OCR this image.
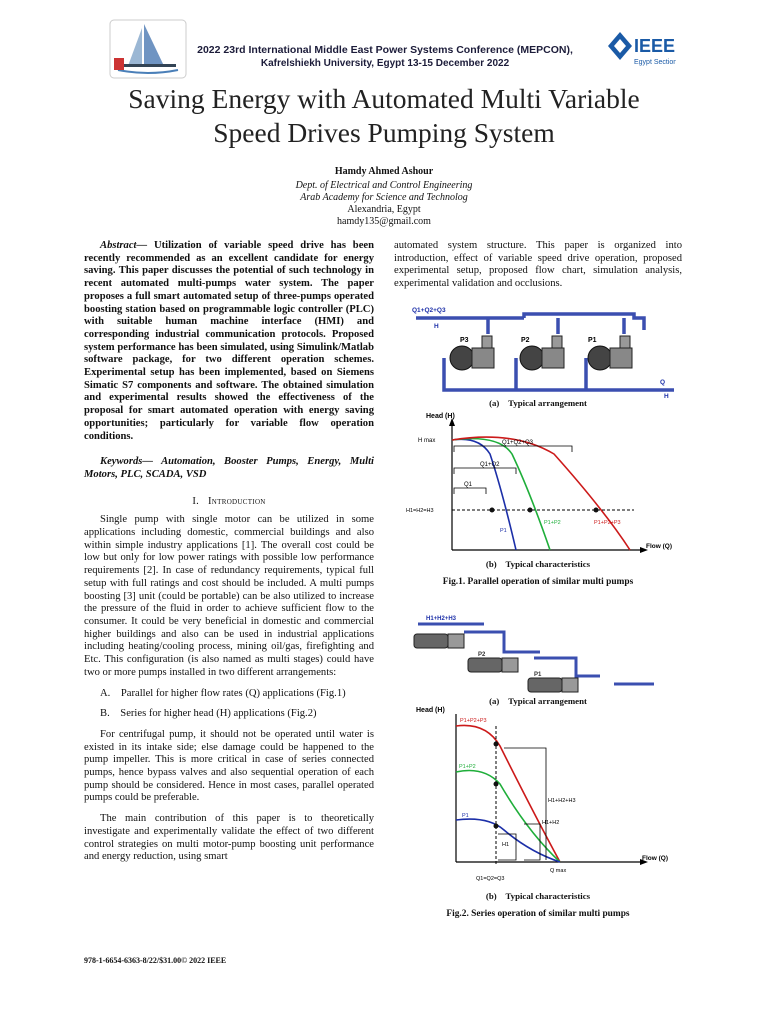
2022 23rd International Middle East Power Systems Conference (MEPCON),
Kafrelshiekh University, Egypt 13-15 December 2022
IEEE
Egypt Section
Saving Energy with Automated Multi Variable
Speed Drives Pumping System
Hamdy Ahmed Ashour
Dept. of Electrical and Control Engineering
Arab Academy for Science and Technolog
Alexandria, Egypt
hamdy135@gmail.com

Abstract— Utilization of variable speed drive has been recently recommended as an excellent candidate for energy saving. This paper discusses the potential of such technology in recent automated multi-pumps water system. The paper proposes a full smart automated setup of three-pumps operated boosting station based on programmable logic controller (PLC) with suitable human machine interface (HMI) and corresponding industrial communication protocols. Proposed system performance has been simulated, using Simulink/Matlab software package, for two different operation schemes. Experimental setup has been implemented, based on Siemens Simatic S7 components and software. The obtained simulation and experimental results showed the effectiveness of the proposal for smart automated operation with energy saving opportunities; particularly for variable flow operation conditions.

Keywords— Automation, Booster Pumps, Energy, Multi Motors, PLC, SCADA, VSD

I. Introduction

Single pump with single motor can be utilized in some applications including domestic, commercial buildings and also within simple industry applications [1]. The overall cost could be low but only for low power ratings with possible low performance requirements [2]. In case of redundancy requirements, typical full setup with full ratings and cost should be included. A multi pumps boosting [3] unit (could be portable) can be also utilized to increase the pressure of the fluid in order to achieve sufficient flow to the consumer. It could be very beneficial in domestic and commercial higher buildings and also can be used in industrial applications including heating/cooling process, mining oil/gas, firefighting and Etc. This configuration (is also named as multi stages) could have two or more pumps installed in two different arrangements:

A. Parallel for higher flow rates (Q) applications (Fig.1)

B. Series for higher head (H) applications (Fig.2)

For centrifugal pump, it should not be operated until water is existed in its intake side; else damage could be happened to the pump impeller. This is more critical in case of series connected pumps, hence bypass valves and also sequential operation of each pump should be considered. Hence in most cases, parallel operated pumps could be preferable.

The main contribution of this paper is to theoretically investigate and experimentally validate the effect of two different control strategies on multi motor-pump boosting unit performance and energy reduction, using smart

automated system structure. This paper is organized into introduction, effect of variable speed drive operation, proposed experimental setup, proposed flow chart, simulation analysis, experimental validation and occlusions.

Q1+Q2+Q3
H
P3	P2	P1
Q
H
(a) Typical arrangement
Head (H)
H max
H1=H2=H3
Q1+Q2+Q3
Q1+Q2
Q1
P1
P1+P2	P1+P2+P3
Flow (Q)
(b) Typical characteristics
Fig.1. Parallel operation of similar multi pumps
H1+H2+H3
P3
P2
P1
(a) Typical arrangement
Head (H)
P1+P2+P3
P1+P2
P1
H1+H2+H3
H1+H2
H1
Q max
Q1=Q2=Q3
Flow (Q)
(b) Typical characteristics
Fig.2. Series operation of similar multi pumps
978-1-6654-6363-8/22/$31.00© 2022 IEEE
